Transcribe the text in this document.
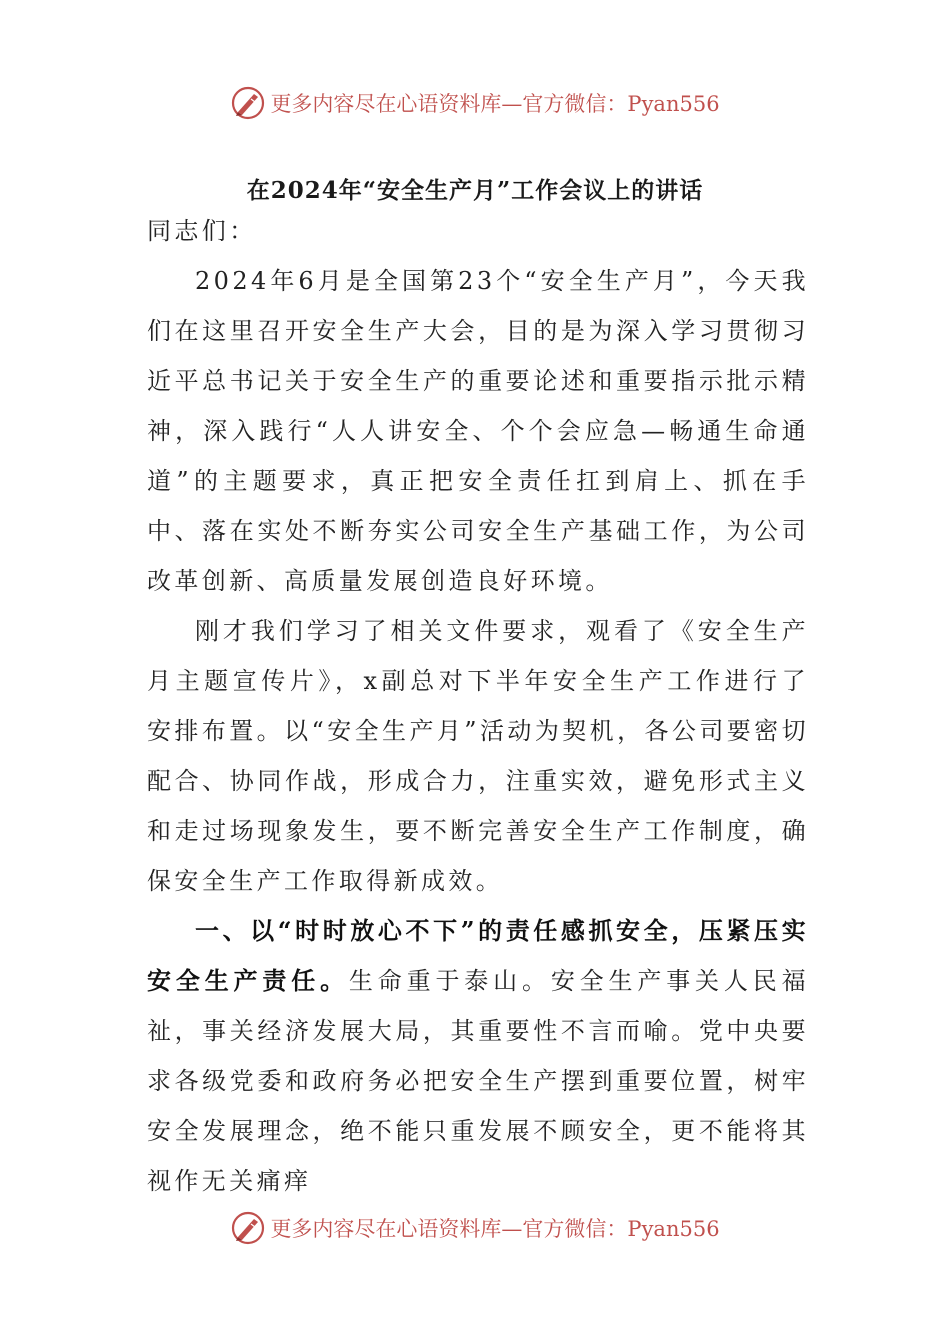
更多内容尽在心语资料库—官方微信：Pyan556
在2024年“安全生产月”工作会议上的讲话

同志们：

2024年6月是全国第23个“安全生产月”，今天我们在这里召开安全生产大会，目的是为深入学习贯彻习近平总书记关于安全生产的重要论述和重要指示批示精神，深入践行“人人讲安全、个个会应急—畅通生命通道”的主题要求，真正把安全责任扛到肩上、抓在手中、落在实处不断夯实公司安全生产基础工作，为公司改革创新、高质量发展创造良好环境。

刚才我们学习了相关文件要求，观看了《安全生产月主题宣传片》，x副总对下半年安全生产工作进行了安排布置。以“安全生产月”活动为契机，各公司要密切配合、协同作战，形成合力，注重实效，避免形式主义和走过场现象发生，要不断完善安全生产工作制度，确保安全生产工作取得新成效。

一、以“时时放心不下”的责任感抓安全，压紧压实安全生产责任。生命重于泰山。安全生产事关人民福祉，事关经济发展大局，其重要性不言而喻。党中央要求各级党委和政府务必把安全生产摆到重要位置，树牢安全发展理念，绝不能只重发展不顾安全，更不能将其视作无关痛痒

更多内容尽在心语资料库—官方微信：Pyan556
